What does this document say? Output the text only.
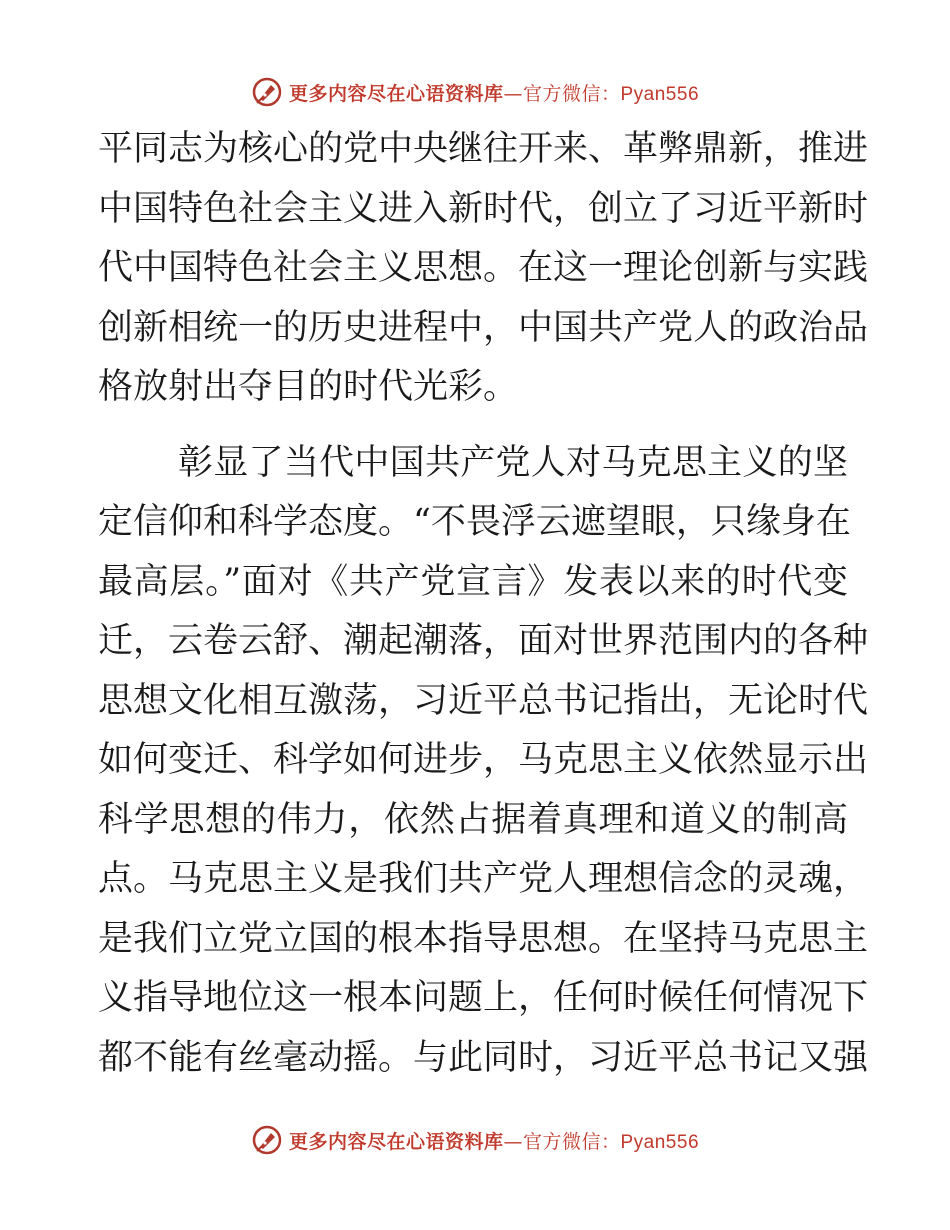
更多内容尽在心语资料库 —官方微信： Pyan556
平同志为核心的党中央继往开来、革弊鼎新，推进
中国特色社会主义进入新时代，创立了习近平新时
代中国特色社会主义思想。在这一理论创新与实践
创新相统一的历史进程中，中国共产党人的政治品
格放射出夺目的时代光彩。
彰显了当代中国共产党人对马克思主义的坚
定信仰和科学态度。“不畏浮云遮望眼，只缘身在
最高层。”面对《共产党宣言》发表以来的时代变
迁，云卷云舒、潮起潮落，面对世界范围内的各种
思想文化相互激荡，习近平总书记指出，无论时代
如何变迁、科学如何进步，马克思主义依然显示出
科学思想的伟力，依然占据着真理和道义的制高
点。马克思主义是我们共产党人理想信念的灵魂，
是我们立党立国的根本指导思想。在坚持马克思主
义指导地位这一根本问题上，任何时候任何情况下
都不能有丝毫动摇。与此同时，习近平总书记又强
更多内容尽在心语资料库 —官方微信： Pyan556
